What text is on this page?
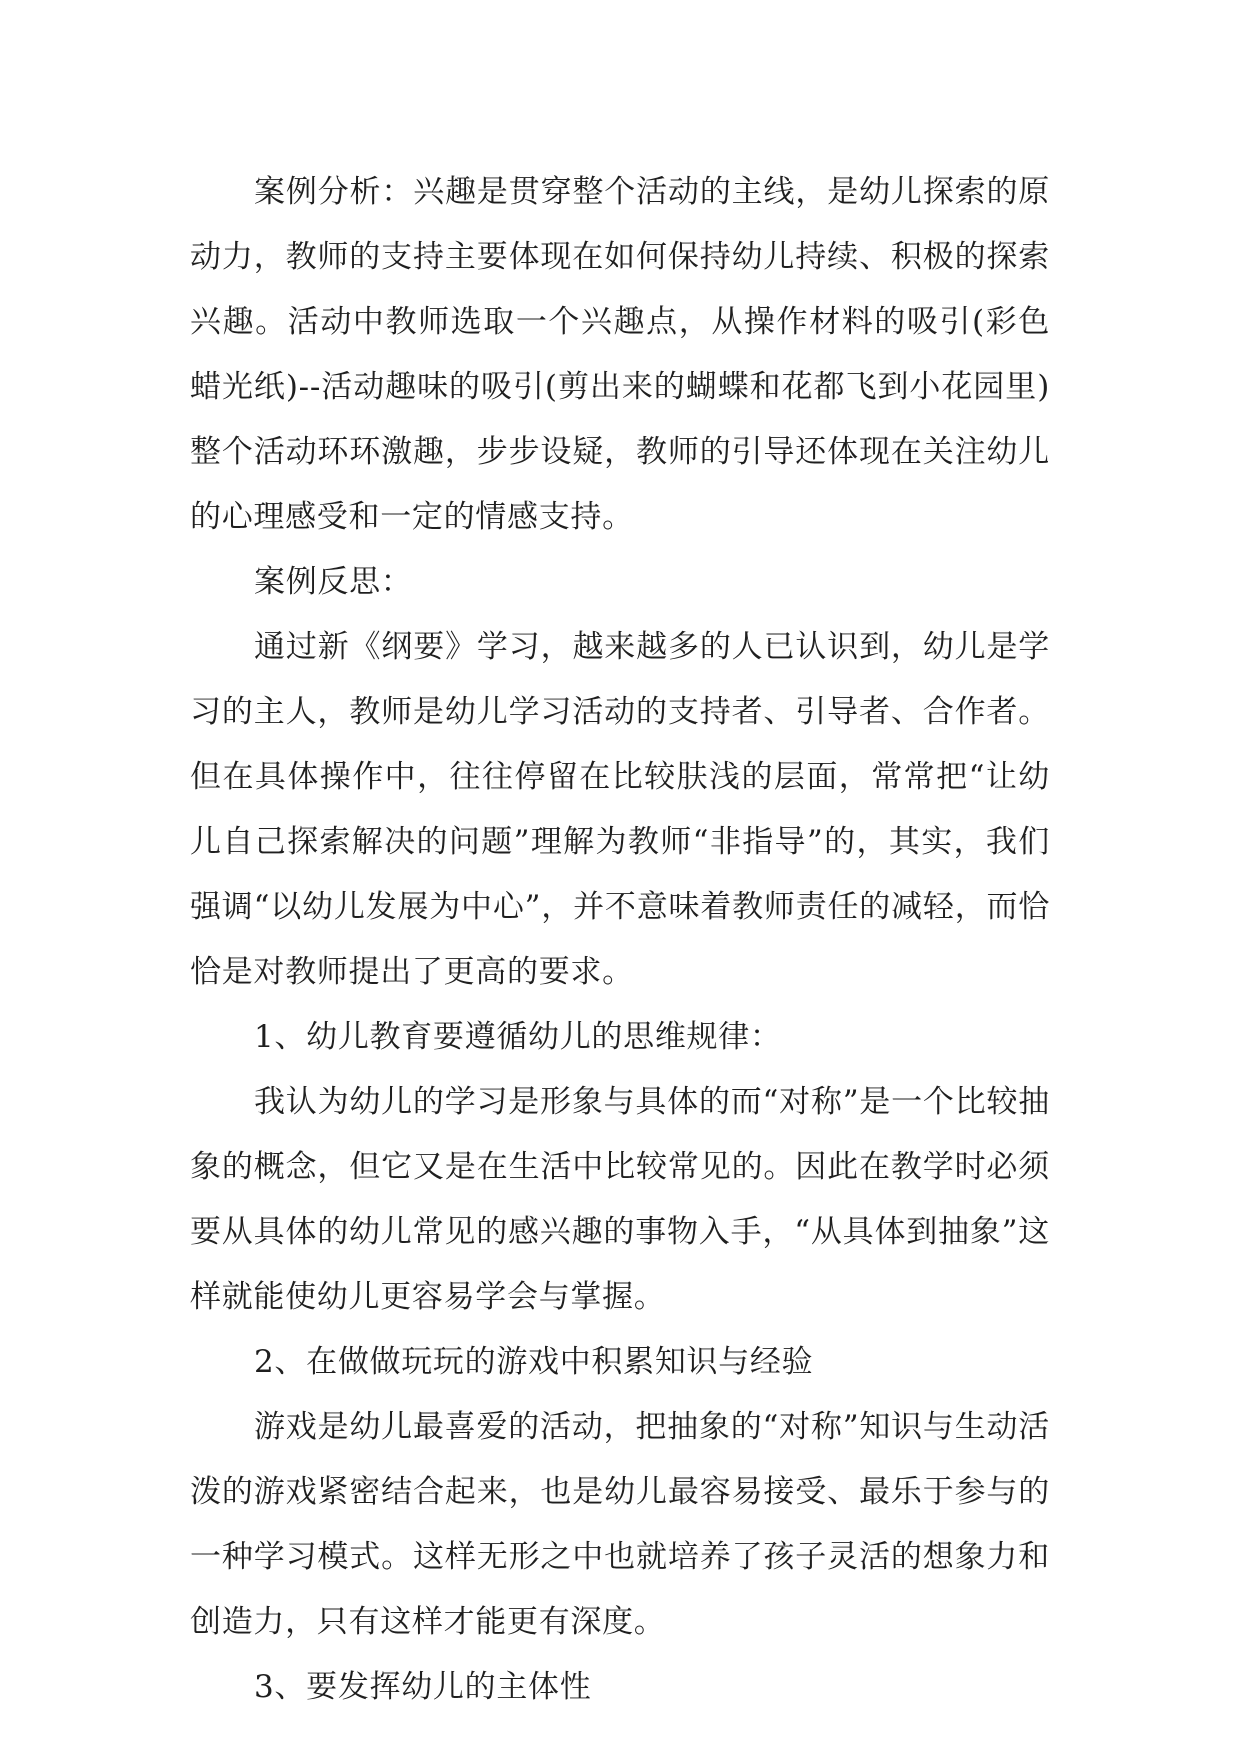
案例分析：兴趣是贯穿整个活动的主线，是幼儿探索的原动力，教师的支持主要体现在如何保持幼儿持续、积极的探索兴趣。活动中教师选取一个兴趣点，从操作材料的吸引(彩色蜡光纸)--活动趣味的吸引(剪出来的蝴蝶和花都飞到小花园里)整个活动环环激趣，步步设疑，教师的引导还体现在关注幼儿的心理感受和一定的情感支持。

案例反思：

通过新《纲要》学习，越来越多的人已认识到，幼儿是学习的主人，教师是幼儿学习活动的支持者、引导者、合作者。但在具体操作中，往往停留在比较肤浅的层面，常常把“让幼儿自己探索解决的问题”理解为教师“非指导”的，其实，我们强调“以幼儿发展为中心”，并不意味着教师责任的减轻，而恰恰是对教师提出了更高的要求。

1、幼儿教育要遵循幼儿的思维规律：

我认为幼儿的学习是形象与具体的而“对称”是一个比较抽象的概念，但它又是在生活中比较常见的。因此在教学时必须要从具体的幼儿常见的感兴趣的事物入手，“从具体到抽象”这样就能使幼儿更容易学会与掌握。

2、在做做玩玩的游戏中积累知识与经验

游戏是幼儿最喜爱的活动，把抽象的“对称”知识与生动活泼的游戏紧密结合起来，也是幼儿最容易接受、最乐于参与的一种学习模式。这样无形之中也就培养了孩子灵活的想象力和创造力，只有这样才能更有深度。

3、要发挥幼儿的主体性
